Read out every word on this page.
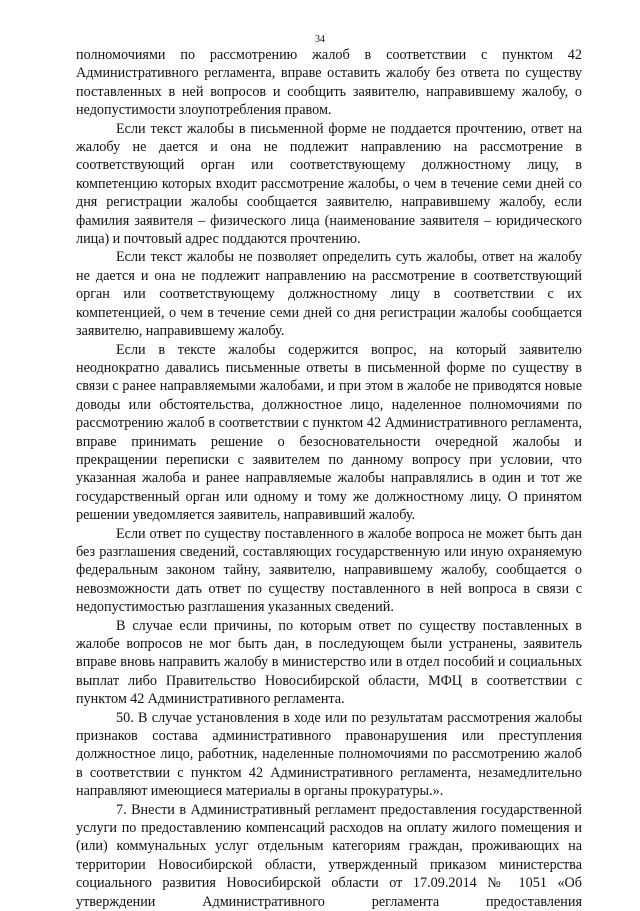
34

полномочиями по рассмотрению жалоб в соответствии с пунктом 42 Административного регламента, вправе оставить жалобу без ответа по существу поставленных в ней вопросов и сообщить заявителю, направившему жалобу, о недопустимости злоупотребления правом.

Если текст жалобы в письменной форме не поддается прочтению, ответ на жалобу не дается и она не подлежит направлению на рассмотрение в соответствующий орган или соответствующему должностному лицу, в компетенцию которых входит рассмотрение жалобы, о чем в течение семи дней со дня регистрации жалобы сообщается заявителю, направившему жалобу, если фамилия заявителя – физического лица (наименование заявителя – юридического лица) и почтовый адрес поддаются прочтению.

Если текст жалобы не позволяет определить суть жалобы, ответ на жалобу не дается и она не подлежит направлению на рассмотрение в соответствующий орган или соответствующему должностному лицу в соответствии с их компетенцией, о чем в течение семи дней со дня регистрации жалобы сообщается заявителю, направившему жалобу.

Если в тексте жалобы содержится вопрос, на который заявителю неоднократно давались письменные ответы в письменной форме по существу в связи с ранее направляемыми жалобами, и при этом в жалобе не приводятся новые доводы или обстоятельства, должностное лицо, наделенное полномочиями по рассмотрению жалоб в соответствии с пунктом 42 Административного регламента, вправе принимать решение о безосновательности очередной жалобы и прекращении переписки с заявителем по данному вопросу при условии, что указанная жалоба и ранее направляемые жалобы направлялись в один и тот же государственный орган или одному и тому же должностному лицу. О принятом решении уведомляется заявитель, направивший жалобу.

Если ответ по существу поставленного в жалобе вопроса не может быть дан без разглашения сведений, составляющих государственную или иную охраняемую федеральным законом тайну, заявителю, направившему жалобу, сообщается о невозможности дать ответ по существу поставленного в ней вопроса в связи с недопустимостью разглашения указанных сведений.

В случае если причины, по которым ответ по существу поставленных в жалобе вопросов не мог быть дан, в последующем были устранены, заявитель вправе вновь направить жалобу в министерство или в отдел пособий и социальных выплат либо Правительство Новосибирской области, МФЦ в соответствии с пунктом 42 Административного регламента.

50. В случае установления в ходе или по результатам рассмотрения жалобы признаков состава административного правонарушения или преступления должностное лицо, работник, наделенные полномочиями по рассмотрению жалоб в соответствии с пунктом 42 Административного регламента, незамедлительно направляют имеющиеся материалы в органы прокуратуры.».

7. Внести в Административный регламент предоставления государственной услуги по предоставлению компенсаций расходов на оплату жилого помещения и (или) коммунальных услуг отдельным категориям граждан, проживающих на территории Новосибирской области, утвержденный приказом министерства социального развития Новосибирской области от 17.09.2014 № 1051 «Об утверждении Административного регламента предоставления
